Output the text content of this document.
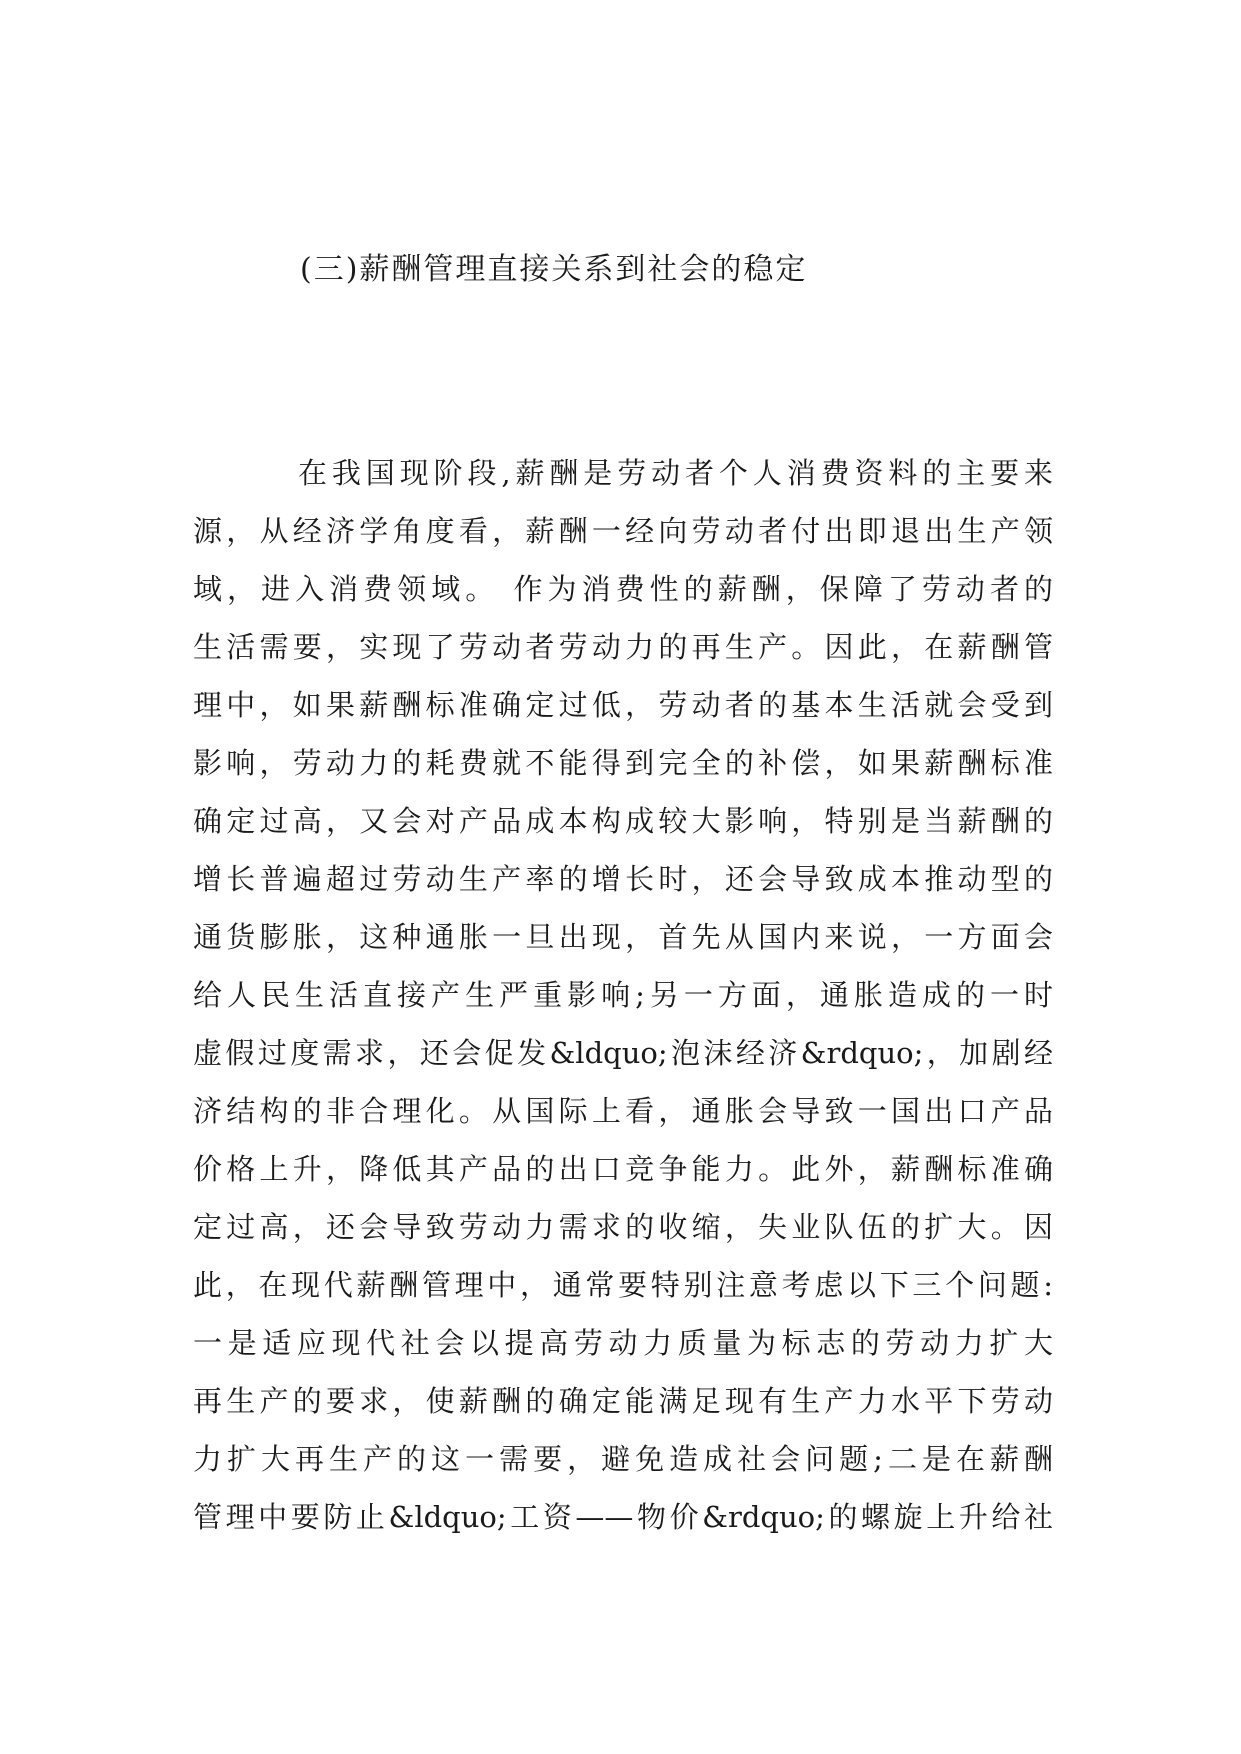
(三)薪酬管理直接关系到社会的稳定
在我国现阶段,薪酬是劳动者个人消费资料的主要来
源，从经济学角度看，薪酬一经向劳动者付出即退出生产领
域，进入消费领域。 作为消费性的薪酬，保障了劳动者的
生活需要，实现了劳动者劳动力的再生产。因此，在薪酬管
理中，如果薪酬标准确定过低，劳动者的基本生活就会受到
影响，劳动力的耗费就不能得到完全的补偿，如果薪酬标准
确定过高，又会对产品成本构成较大影响，特别是当薪酬的
增长普遍超过劳动生产率的增长时，还会导致成本推动型的
通货膨胀，这种通胀一旦出现，首先从国内来说，一方面会
给人民生活直接产生严重影响;另一方面，通胀造成的一时
虚假过度需求，还会促发&ldquo;泡沫经济&rdquo;，加剧经
济结构的非合理化。从国际上看，通胀会导致一国出口产品
价格上升，降低其产品的出口竞争能力。此外，薪酬标准确
定过高，还会导致劳动力需求的收缩，失业队伍的扩大。因
此，在现代薪酬管理中，通常要特别注意考虑以下三个问题:
一是适应现代社会以提高劳动力质量为标志的劳动力扩大
再生产的要求，使薪酬的确定能满足现有生产力水平下劳动
力扩大再生产的这一需要，避免造成社会问题;二是在薪酬
管理中要防止&ldquo;工资——物价&rdquo;的螺旋上升给社
